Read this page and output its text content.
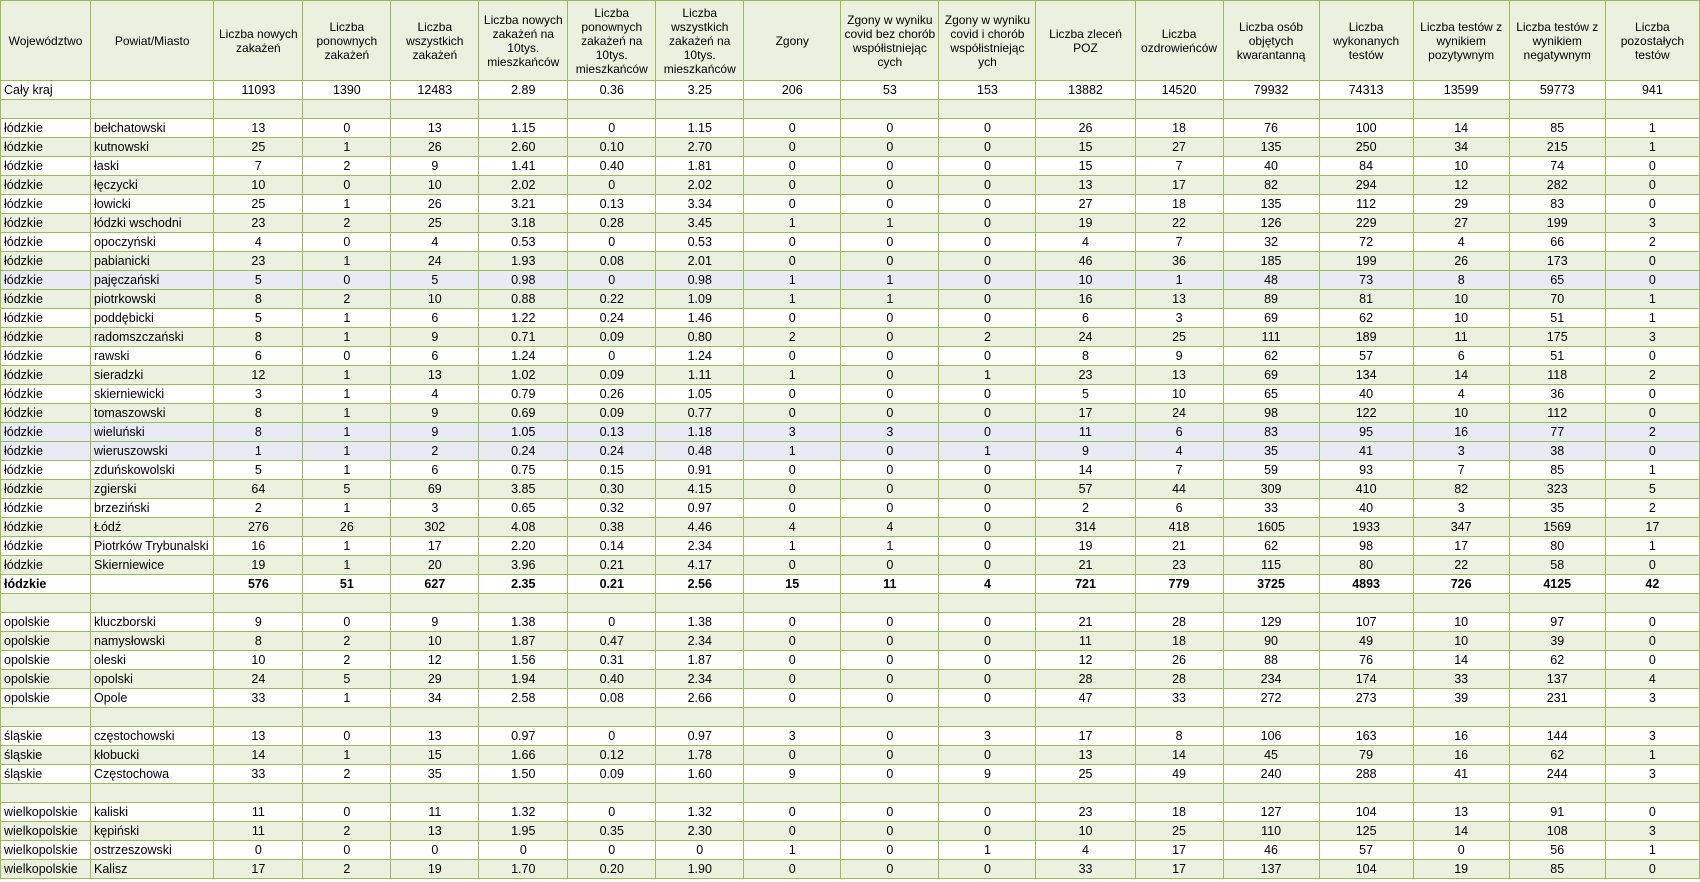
Województwo	Powiat/Miasto	Liczba nowych
zakażeń	Liczba
ponownych
zakażeń	Liczba
wszystkich
zakażeń	Liczba nowych
zakażeń na
10tys.
mieszkańców	Liczba
ponownych
zakażeń na
10tys.
mieszkańców	Liczba
wszystkich
zakażeń na
10tys.
mieszkańców	Zgony	Zgony w wyniku
covid bez chorób
współistniejąc
cych	Zgony w wyniku
covid i chorób
współistniejąc
ych	Liczba zleceń
POZ	Liczba
ozdrowieńców	Liczba osób
objętych
kwarantanną	Liczba
wykonanych
testów	Liczba testów z
wynikiem
pozytywnym	Liczba testów z
wynikiem
negatywnym	Liczba
pozostałych
testów
Cały kraj		11093	1390	12483	2.89	0.36	3.25	206	53	153	13882	14520	79932	74313	13599	59773	941

łódzkie	bełchatowski	13	0	13	1.15	0	1.15	0	0	0	26	18	76	100	14	85	1
łódzkie	kutnowski	25	1	26	2.60	0.10	2.70	0	0	0	15	27	135	250	34	215	1
łódzkie	łaski	7	2	9	1.41	0.40	1.81	0	0	0	15	7	40	84	10	74	0
łódzkie	łęczycki	10	0	10	2.02	0	2.02	0	0	0	13	17	82	294	12	282	0
łódzkie	łowicki	25	1	26	3.21	0.13	3.34	0	0	0	27	18	135	112	29	83	0
łódzkie	łódzki wschodni	23	2	25	3.18	0.28	3.45	1	1	0	19	22	126	229	27	199	3
łódzkie	opoczyński	4	0	4	0.53	0	0.53	0	0	0	4	7	32	72	4	66	2
łódzkie	pabianicki	23	1	24	1.93	0.08	2.01	0	0	0	46	36	185	199	26	173	0
łódzkie	pajęczański	5	0	5	0.98	0	0.98	1	1	0	10	1	48	73	8	65	0
łódzkie	piotrkowski	8	2	10	0.88	0.22	1.09	1	1	0	16	13	89	81	10	70	1
łódzkie	poddębicki	5	1	6	1.22	0.24	1.46	0	0	0	6	3	69	62	10	51	1
łódzkie	radomszczański	8	1	9	0.71	0.09	0.80	2	0	2	24	25	111	189	11	175	3
łódzkie	rawski	6	0	6	1.24	0	1.24	0	0	0	8	9	62	57	6	51	0
łódzkie	sieradzki	12	1	13	1.02	0.09	1.11	1	0	1	23	13	69	134	14	118	2
łódzkie	skierniewicki	3	1	4	0.79	0.26	1.05	0	0	0	5	10	65	40	4	36	0
łódzkie	tomaszowski	8	1	9	0.69	0.09	0.77	0	0	0	17	24	98	122	10	112	0
łódzkie	wieluński	8	1	9	1.05	0.13	1.18	3	3	0	11	6	83	95	16	77	2
łódzkie	wieruszowski	1	1	2	0.24	0.24	0.48	1	0	1	9	4	35	41	3	38	0
łódzkie	zduńskowolski	5	1	6	0.75	0.15	0.91	0	0	0	14	7	59	93	7	85	1
łódzkie	zgierski	64	5	69	3.85	0.30	4.15	0	0	0	57	44	309	410	82	323	5
łódzkie	brzeziński	2	1	3	0.65	0.32	0.97	0	0	0	2	6	33	40	3	35	2
łódzkie	Łódź	276	26	302	4.08	0.38	4.46	4	4	0	314	418	1605	1933	347	1569	17
łódzkie	Piotrków Trybunalski	16	1	17	2.20	0.14	2.34	1	1	0	19	21	62	98	17	80	1
łódzkie	Skierniewice	19	1	20	3.96	0.21	4.17	0	0	0	21	23	115	80	22	58	0
łódzkie		576	51	627	2.35	0.21	2.56	15	11	4	721	779	3725	4893	726	4125	42

opolskie	kluczborski	9	0	9	1.38	0	1.38	0	0	0	21	28	129	107	10	97	0
opolskie	namysłowski	8	2	10	1.87	0.47	2.34	0	0	0	11	18	90	49	10	39	0
opolskie	oleski	10	2	12	1.56	0.31	1.87	0	0	0	12	26	88	76	14	62	0
opolskie	opolski	24	5	29	1.94	0.40	2.34	0	0	0	28	28	234	174	33	137	4
opolskie	Opole	33	1	34	2.58	0.08	2.66	0	0	0	47	33	272	273	39	231	3

śląskie	częstochowski	13	0	13	0.97	0	0.97	3	0	3	17	8	106	163	16	144	3
śląskie	kłobucki	14	1	15	1.66	0.12	1.78	0	0	0	13	14	45	79	16	62	1
śląskie	Częstochowa	33	2	35	1.50	0.09	1.60	9	0	9	25	49	240	288	41	244	3

wielkopolskie	kaliski	11	0	11	1.32	0	1.32	0	0	0	23	18	127	104	13	91	0
wielkopolskie	kępiński	11	2	13	1.95	0.35	2.30	0	0	0	10	25	110	125	14	108	3
wielkopolskie	ostrzeszowski	0	0	0	0	0	0	1	0	1	4	17	46	57	0	56	1
wielkopolskie	Kalisz	17	2	19	1.70	0.20	1.90	0	0	0	33	17	137	104	19	85	0
